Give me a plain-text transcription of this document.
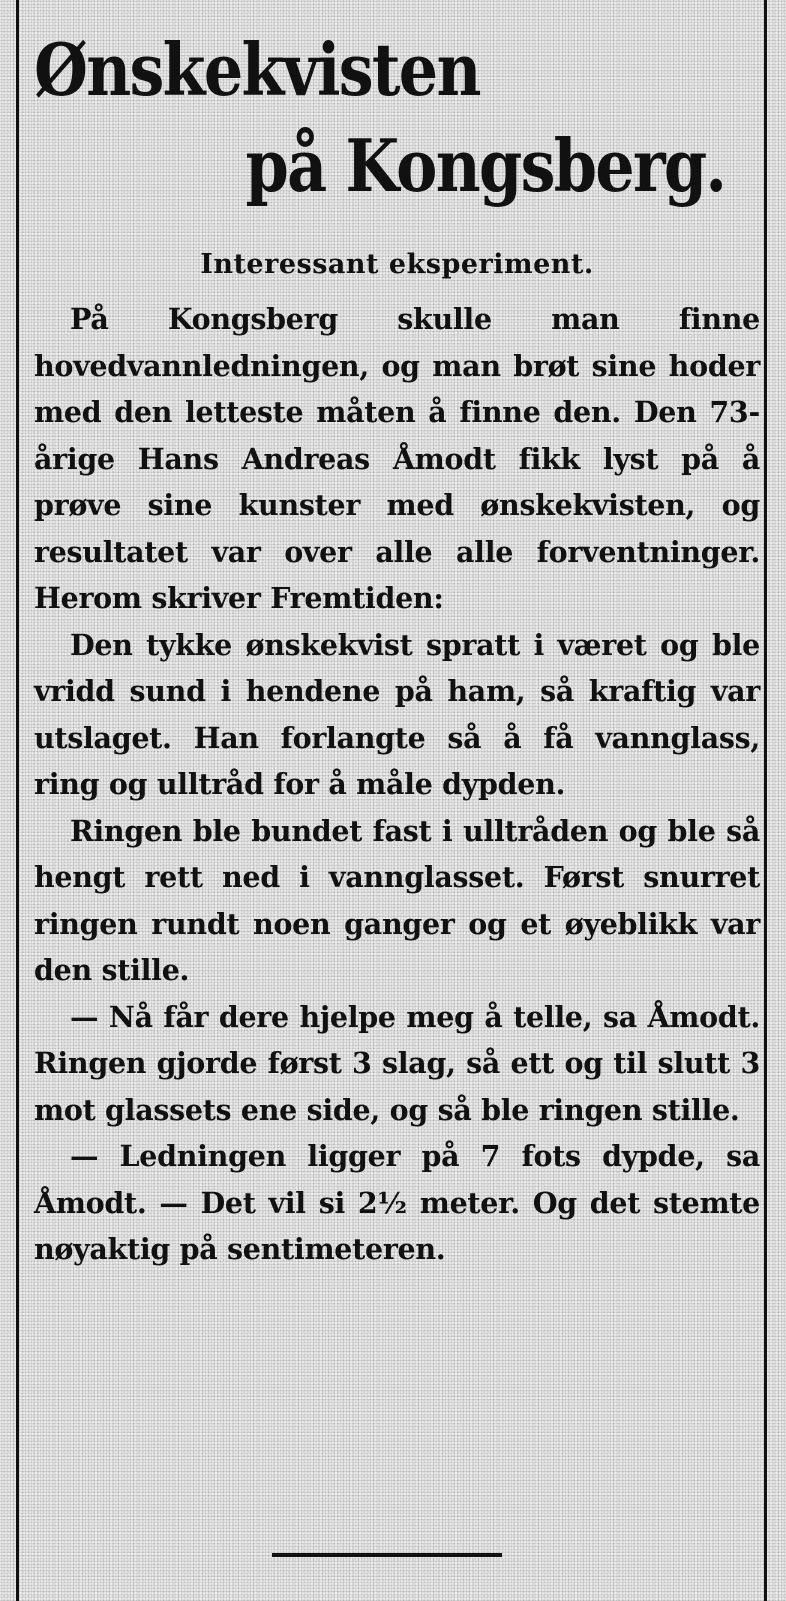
Ønskekvisten
på Kongsberg.
Interessant eksperiment.

På Kongsberg skulle man finne hovedvannledningen, og man brøt sine hoder med den letteste måten å finne den. Den 73-årige Hans Andreas Åmodt fikk lyst på å prøve sine kunster med ønskekvisten, og resultatet var over alle alle forventninger. Herom skriver Fremtiden:

Den tykke ønskekvist spratt i været og ble vridd sund i hendene på ham, så kraftig var utslaget. Han forlangte så å få vannglass, ring og ulltråd for å måle dypden.

Ringen ble bundet fast i ulltråden og ble så hengt rett ned i vannglasset. Først snurret ringen rundt noen ganger og et øyeblikk var den stille.

— Nå får dere hjelpe meg å telle, sa Åmodt. Ringen gjorde først 3 slag, så ett og til slutt 3 mot glassets ene side, og så ble ringen stille.

— Ledningen ligger på 7 fots dypde, sa Åmodt. — Det vil si 2½ meter. Og det stemte nøyaktig på sentimeteren.
